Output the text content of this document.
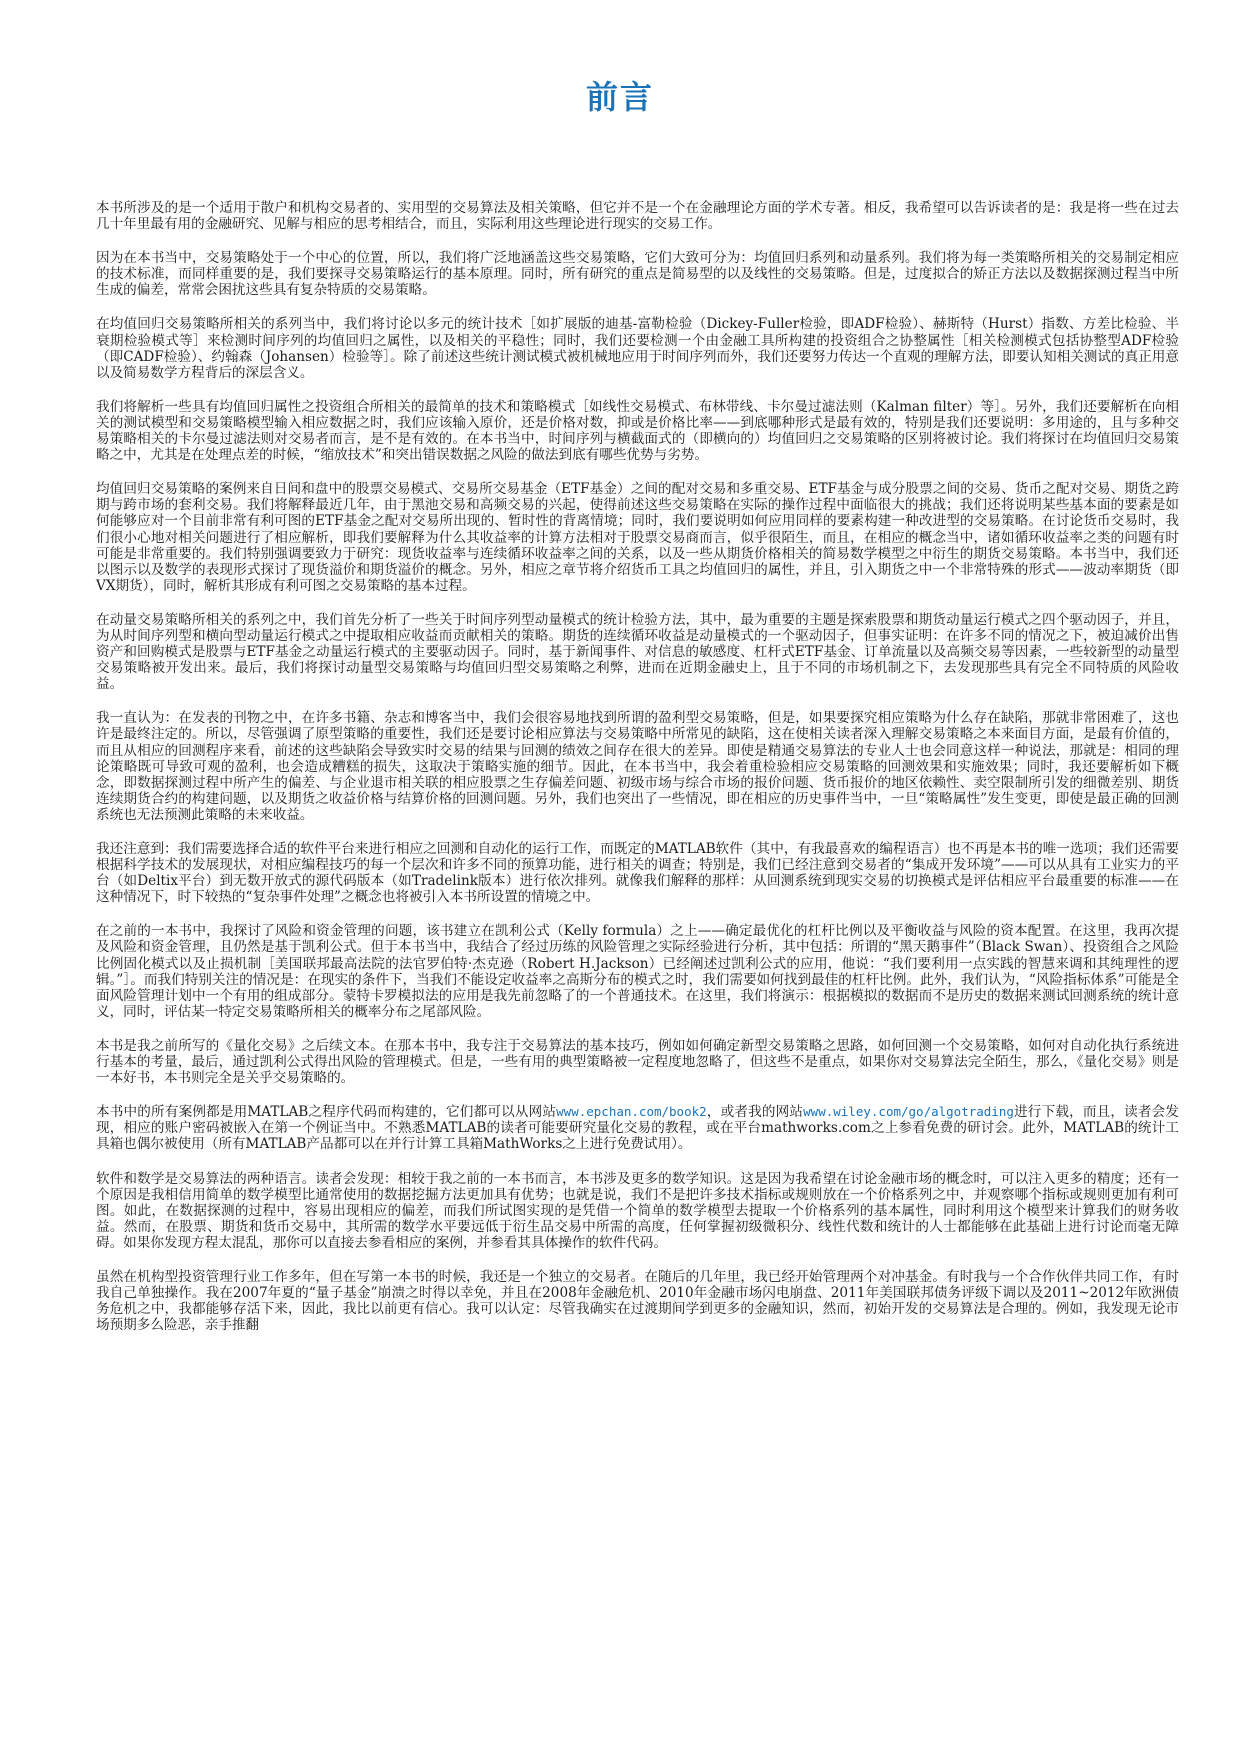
前言

本书所涉及的是一个适用于散户和机构交易者的、实用型的交易算法及相关策略，但它并不是一个在金融理论方面的学术专著。相反，我希望可以告诉读者的是：我是将一些在过去几十年里最有用的金融研究、见解与相应的思考相结合，而且，实际利用这些理论进行现实的交易工作。

因为在本书当中，交易策略处于一个中心的位置，所以，我们将广泛地涵盖这些交易策略，它们大致可分为：均值回归系列和动量系列。我们将为每一类策略所相关的交易制定相应的技术标准，而同样重要的是，我们要探寻交易策略运行的基本原理。同时，所有研究的重点是简易型的以及线性的交易策略。但是，过度拟合的矫正方法以及数据探测过程当中所生成的偏差，常常会困扰这些具有复杂特质的交易策略。

在均值回归交易策略所相关的系列当中，我们将讨论以多元的统计技术［如扩展版的迪基-富勒检验（Dickey-Fuller检验，即ADF检验）、赫斯特（Hurst）指数、方差比检验、半衰期检验模式等］来检测时间序列的均值回归之属性，以及相关的平稳性；同时，我们还要检测一个由金融工具所构建的投资组合之协整属性［相关检测模式包括协整型ADF检验（即CADF检验）、约翰森（Johansen）检验等］。除了前述这些统计测试模式被机械地应用于时间序列而外，我们还要努力传达一个直观的理解方法，即要认知相关测试的真正用意以及简易数学方程背后的深层含义。

我们将解析一些具有均值回归属性之投资组合所相关的最简单的技术和策略模式［如线性交易模式、布林带线、卡尔曼过滤法则（Kalman filter）等］。另外，我们还要解析在向相关的测试模型和交易策略模型输入相应数据之时，我们应该输入原价，还是价格对数，抑或是价格比率——到底哪种形式是最有效的，特别是我们还要说明：多用途的，且与多种交易策略相关的卡尔曼过滤法则对交易者而言，是不是有效的。在本书当中，时间序列与横截面式的（即横向的）均值回归之交易策略的区别将被讨论。我们将探讨在均值回归交易策略之中，尤其是在处理点差的时候，“缩放技术”和突出错误数据之风险的做法到底有哪些优势与劣势。

均值回归交易策略的案例来自日间和盘中的股票交易模式、交易所交易基金（ETF基金）之间的配对交易和多重交易、ETF基金与成分股票之间的交易、货币之配对交易、期货之跨期与跨市场的套利交易。我们将解释最近几年，由于黑池交易和高频交易的兴起，使得前述这些交易策略在实际的操作过程中面临很大的挑战；我们还将说明某些基本面的要素是如何能够应对一个目前非常有利可图的ETF基金之配对交易所出现的、暂时性的背离情境；同时，我们要说明如何应用同样的要素构建一种改进型的交易策略。在讨论货币交易时，我们很小心地对相关问题进行了相应解析，即我们要解释为什么其收益率的计算方法相对于股票交易商而言，似乎很陌生，而且，在相应的概念当中，诸如循环收益率之类的问题有时可能是非常重要的。我们特别强调要致力于研究：现货收益率与连续循环收益率之间的关系，以及一些从期货价格相关的简易数学模型之中衍生的期货交易策略。本书当中，我们还以图示以及数学的表现形式探讨了现货溢价和期货溢价的概念。另外，相应之章节将介绍货币工具之均值回归的属性，并且，引入期货之中一个非常特殊的形式——波动率期货（即VX期货），同时，解析其形成有利可图之交易策略的基本过程。

在动量交易策略所相关的系列之中，我们首先分析了一些关于时间序列型动量模式的统计检验方法，其中，最为重要的主题是探索股票和期货动量运行模式之四个驱动因子，并且，为从时间序列型和横向型动量运行模式之中提取相应收益而贡献相关的策略。期货的连续循环收益是动量模式的一个驱动因子，但事实证明：在许多不同的情况之下，被迫减价出售资产和回购模式是股票与ETF基金之动量运行模式的主要驱动因子。同时，基于新闻事件、对信息的敏感度、杠杆式ETF基金、订单流量以及高频交易等因素，一些较新型的动量型交易策略被开发出来。最后，我们将探讨动量型交易策略与均值回归型交易策略之利弊，进而在近期金融史上，且于不同的市场机制之下，去发现那些具有完全不同特质的风险收益。

我一直认为：在发表的刊物之中，在许多书籍、杂志和博客当中，我们会很容易地找到所谓的盈利型交易策略，但是，如果要探究相应策略为什么存在缺陷，那就非常困难了，这也许是最终注定的。所以，尽管强调了原型策略的重要性，我们还是要讨论相应算法与交易策略中所常见的缺陷，这在使相关读者深入理解交易策略之本来面目方面，是最有价值的，而且从相应的回测程序来看，前述的这些缺陷会导致实时交易的结果与回测的绩效之间存在很大的差异。即使是精通交易算法的专业人士也会同意这样一种说法，那就是：相同的理论策略既可导致可观的盈利，也会造成糟糕的损失，这取决于策略实施的细节。因此，在本书当中，我会着重检验相应交易策略的回测效果和实施效果；同时，我还要解析如下概念，即数据探测过程中所产生的偏差、与企业退市相关联的相应股票之生存偏差问题、初级市场与综合市场的报价问题、货币报价的地区依赖性、卖空限制所引发的细微差别、期货连续期货合约的构建问题，以及期货之收益价格与结算价格的回测问题。另外，我们也突出了一些情况，即在相应的历史事件当中，一旦“策略属性”发生变更，即使是最正确的回测系统也无法预测此策略的未来收益。

我还注意到：我们需要选择合适的软件平台来进行相应之回测和自动化的运行工作，而既定的MATLAB软件（其中，有我最喜欢的编程语言）也不再是本书的唯一选项；我们还需要根据科学技术的发展现状，对相应编程技巧的每一个层次和许多不同的预算功能，进行相关的调查；特别是，我们已经注意到交易者的“集成开发环境”——可以从具有工业实力的平台（如Deltix平台）到无数开放式的源代码版本（如Tradelink版本）进行依次排列。就像我们解释的那样：从回测系统到现实交易的切换模式是评估相应平台最重要的标准——在这种情况下，时下较热的“复杂事件处理”之概念也将被引入本书所设置的情境之中。

在之前的一本书中，我探讨了风险和资金管理的问题，该书建立在凯利公式（Kelly formula）之上——确定最优化的杠杆比例以及平衡收益与风险的资本配置。在这里，我再次提及风险和资金管理，且仍然是基于凯利公式。但于本书当中，我结合了经过历练的风险管理之实际经验进行分析，其中包括：所谓的“黑天鹅事件”（Black Swan）、投资组合之风险比例固化模式以及止损机制［美国联邦最高法院的法官罗伯特·杰克逊（Robert H.Jackson）已经阐述过凯利公式的应用，他说：“我们要利用一点实践的智慧来调和其纯理性的逻辑。”］。而我们特别关注的情况是：在现实的条件下，当我们不能设定收益率之高斯分布的模式之时，我们需要如何找到最佳的杠杆比例。此外，我们认为，“风险指标体系”可能是全面风险管理计划中一个有用的组成部分。蒙特卡罗模拟法的应用是我先前忽略了的一个普通技术。在这里，我们将演示：根据模拟的数据而不是历史的数据来测试回测系统的统计意义，同时，评估某一特定交易策略所相关的概率分布之尾部风险。

本书是我之前所写的《量化交易》之后续文本。在那本书中，我专注于交易算法的基本技巧，例如如何确定新型交易策略之思路，如何回测一个交易策略，如何对自动化执行系统进行基本的考量，最后，通过凯利公式得出风险的管理模式。但是，一些有用的典型策略被一定程度地忽略了，但这些不是重点，如果你对交易算法完全陌生，那么，《量化交易》则是一本好书，本书则完全是关乎交易策略的。

本书中的所有案例都是用MATLAB之程序代码而构建的，它们都可以从网站www.epchan.com/book2，或者我的网站www.wiley.com/go/algotrading进行下载，而且，读者会发现，相应的账户密码被嵌入在第一个例证当中。不熟悉MATLAB的读者可能要研究量化交易的教程，或在平台mathworks.com之上参看免费的研讨会。此外，MATLAB的统计工具箱也偶尔被使用（所有MATLAB产品都可以在并行计算工具箱MathWorks之上进行免费试用）。

软件和数学是交易算法的两种语言。读者会发现：相较于我之前的一本书而言，本书涉及更多的数学知识。这是因为我希望在讨论金融市场的概念时，可以注入更多的精度；还有一个原因是我相信用简单的数学模型比通常使用的数据挖掘方法更加具有优势；也就是说，我们不是把许多技术指标或规则放在一个价格系列之中，并观察哪个指标或规则更加有利可图。如此，在数据探测的过程中，容易出现相应的偏差，而我们所试图实现的是凭借一个简单的数学模型去提取一个价格系列的基本属性，同时利用这个模型来计算我们的财务收益。然而，在股票、期货和货币交易中，其所需的数学水平要远低于衍生品交易中所需的高度，任何掌握初级微积分、线性代数和统计的人士都能够在此基础上进行讨论而毫无障碍。如果你发现方程太混乱，那你可以直接去参看相应的案例，并参看其具体操作的软件代码。

虽然在机构型投资管理行业工作多年，但在写第一本书的时候，我还是一个独立的交易者。在随后的几年里，我已经开始管理两个对冲基金。有时我与一个合作伙伴共同工作，有时我自己单独操作。我在2007年夏的“量子基金”崩溃之时得以幸免，并且在2008年金融危机、2010年金融市场闪电崩盘、2011年美国联邦债务评级下调以及2011~2012年欧洲债务危机之中，我都能够存活下来，因此，我比以前更有信心。我可以认定：尽管我确实在过渡期间学到更多的金融知识，然而，初始开发的交易算法是合理的。例如，我发现无论市场预期多么险恶，亲手推翻
